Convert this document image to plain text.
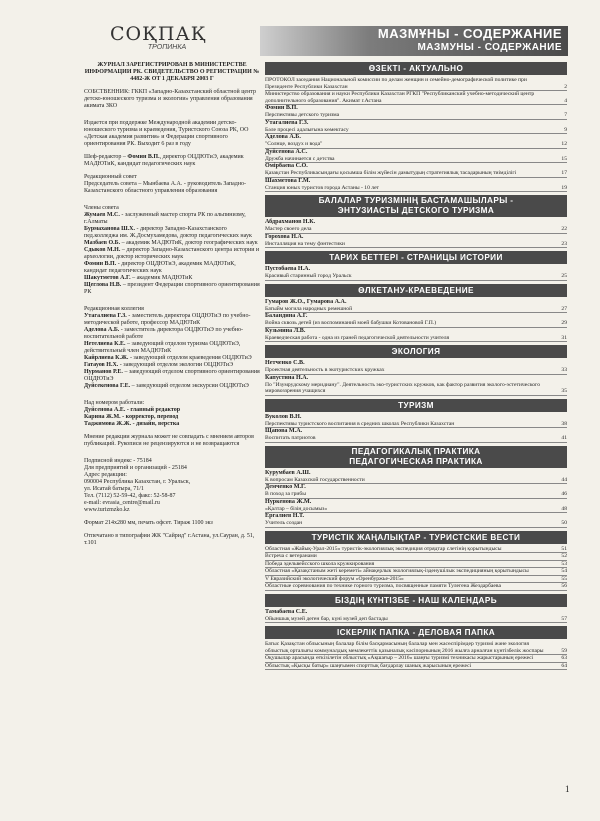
СОҚПАҚ
ТРОПИНКА
МАЗМҰНЫ - СОДЕРЖАНИЕ
МАЗМУНЫ - СОДЕРЖАНИЕ

ЖУРНАЛ ЗАРЕГИСТРИРОВАН В МИНИСТЕРСТВЕ ИНФОРМАЦИИ РК. СВИДЕТЕЛЬСТВО О РЕГИСТРАЦИИ № 4482-Ж ОТ 1 ДЕКАБРЯ 2003 Г

СОБСТВЕННИК: ГККП «Западно-Казахстанский областной центр детско-юношеского туризма и экологии» управления образования акимата ЗКО

Издается при поддержке Международной академии детско-юношеского туризма и краеведения, Туристского Союза РК, ОО «Детская академия развития» и Федерации спортивного ориентирования РК. Выходит 6 раз в году

Шеф-редактор – Фомин В.П., директор ОЦДЮТиЭ, академик МАДЮТиК, кандидат педагогических наук

Редакционный совет

Председатель совета – Мынбаева А.А. - руководитель Западно-Казахстанского областного управления образования

Члены совета

Жумаев М.С. - заслуженный мастер спорта РК по альпинизму, г.Алматы

Бурмаханова Ш.Х. - директор Западно-Казахстанского пед.колледжа им. Ж.Досмухамедова, доктор педагогических наук

Мазбаев О.Б. – академик МАДЮТиК, доктор географических наук

Сдыков М.Н. – директор Западно-Казахстанского центра истории и археологии, доктор исторических наук

Фомин В.П. - директор ОЦДЮТиЭ, академик МАДЮТиК, кандидат педагогических наук

Шакутметов А.Г. – академик МАДЮТиК

Щеглова Н.В. – президент Федерации спортивного ориентирования РК

Редакционная коллегия

Утагалиева Г.З. - заместитель директора ОЦДЮТиЭ по учебно-методической работе, профессор МАДЮТиК

Аделова А.Б. - заместитель директора ОЦДЮТиЭ по учебно-воспитательной работе

Нетелиева К.Е. – заведующий отделом туризма ОЦДЮТиЭ, действительный член МАДЮТиК

Кайрлиева К.Ж. - заведующий отделом краеведения ОЦДЮТиЭ

Гатауов Н.Х. - заведующий отделом экологии ОЦДЮТиЭ

Нурманов Р.Е. – заведующий отделом спортивного ориентирования ОЦДЮТиЭ

Дуйсекенова Г.Е. – заведующий отделом экскурсии ОЦДЮТиЭ

Над номером работали:

Дуйсенова А.Е. - главный редактор

Карина Ж.М. - корректор, перевод

Таджимова Ж.Ж. - дизайн, верстка

Мнение редакции журнала может не совпадать с мнением авторов публикаций. Рукописи не рецензируются и не возвращаются

Подписной индекс - 75184

Для предприятий и организаций - 25184

Адрес редакции:

090004 Республика Казахстан, г. Уральск,

ул. Исатай батыра, 71/1

Тел. (7112) 52-59-42, факс: 52-58-87

e-mail: evrasia_centre@mail.ru

www.turizmzko.kz

Формат 214х280 мм, печать офсет. Тираж 1100 экз

Отпечатано в типографии ЖК "Сайрид" г.Астана, ул.Сауран, д. 51, т.101

ӨЗЕКТІ - АКТУАЛЬНО
ПРОТОКОЛ заседания Национальной комиссии по делам женщин и семейно-демографической политике при Президенте Республики Казахстан	2
Министерство образования и науки Республики Казахстан РГКП "Республиканский учебно-методический центр дополнительного образования". Акимат г.Астана	4
Фомин В.П.
Перспективы детского туризма	7
Утагалиева Г.З.
Бәле процесі адалығына көмектасу	9
Аделова А.Б.
"Солнце, воздух и вода"	12
Дуйсенова А.С.
Дружба начинается с детства	15
Омірбаева С.О.
Қазақстан Республикасындағы қосымша білім жүйесін дамытудың стратегиялық тасадарының тиімділігі	17
Шахметова Г.М.
Станция юных туристов города Астаны - 10 лет	19
БАЛАЛАР ТУРИЗМІНІҢ БАСТАМАШЫЛАРЫ -
ЭНТУЗИАСТЫ ДЕТСКОГО ТУРИЗМА
Абдрахманов Н.К.
Мастер своего дела	22
Горохова Н.А.
Инсталляция на тему фэнтестики	23
ТАРИХ БЕТТЕРІ - СТРАНИЦЫ ИСТОРИИ
Пустобаева Н.А.
Красивый старинный город Уральск	25
ӨЛКЕТАНУ-КРАЕВЕДЕНИЕ
Гумаров Ж.О., Гумарова А.А.
Батыйм могила народных ремешной	27
Баландина А.Г.
Война сквозь детей (из воспоминаний моей бабушки Котовановой Г.П.)	29
Кузьмина Л.В.
Краеведческая работа - одна из граней педагогической деятельности учителя	31
ЭКОЛОГИЯ
Нетченко С.В.
Проектная деятельность в экотуристских кружках	33
Капустина Н.А.
По "Изумрудскому меридиану". Деятельность эко-туристских кружков, как фактор развития эколого-эстетического мировоззрения учащихся	35
ТУРИЗМ
Вуколов В.Н.
Перспективы туристского воспитания в средних школах Республики Казахстан	38
Щапова М.А.
Воспитать патриотов	41
ПЕДАГОГИКАЛЫҚ ПРАКТИКА
ПЕДАГОГИЧЕСКАЯ ПРАКТИКА
Курумбаев А.Ш.
К вопросам Казахской государственности	44
Демченко М.Г.
В поход за грибы	46
Нуркенова Ж.М.
«Қалтар – бізің досымыз»	48
Ергалиев Н.Т.
Учитель создан	50
ТУРИСТІК ЖАҢАЛЫҚТАР - ТУРИСТСКИЕ ВЕСТИ
Областная «Жайық-Урал-2015» туристік-экологиялық экспедиция отрядтар слетінің қорытындысы	51
Встреча с ветеранами	52
Победа эдельвейсского школа кружкирования	53
Областная «Қазақстаным жеті кереметі» айнақерлык экологиялық-ізденушілык экспедицияның қорытындысы	54
V Евразийский экологический форум «Оренбуржье-2015»	55
Областные соревнования по технике горного туризма, посвященные памяти Тулегена Жездарбаева	56
БІЗДІҢ КҮНТІЗБЕ - НАШ КАЛЕНДАРЬ
Тамабаева С.Е.
Ойыншық музей деген бар, күні музей деп бастады	57
ІСКЕРЛІК ПАПКА - ДЕЛОВАЯ ПАПКА
Батыс Қазақстан облысының балалар білім басқармасының балалар мен жасөспірімдер туризмі және экология облыстық орталығы коммуналдық мемлекеттік қазыналық кәсіпорнының 2016 жылға арналған күнтізбелік жоспары	59
Оқушылар арасында өткізілетін облыстық «Ақшағыр – 2016» шаңғы туризмі техникасы жарыстарының ережесі	63
Облыстық «Қысқы батыр» шаңғымен спорттық бағдарлау шанық жарысының ережесі	64
1
